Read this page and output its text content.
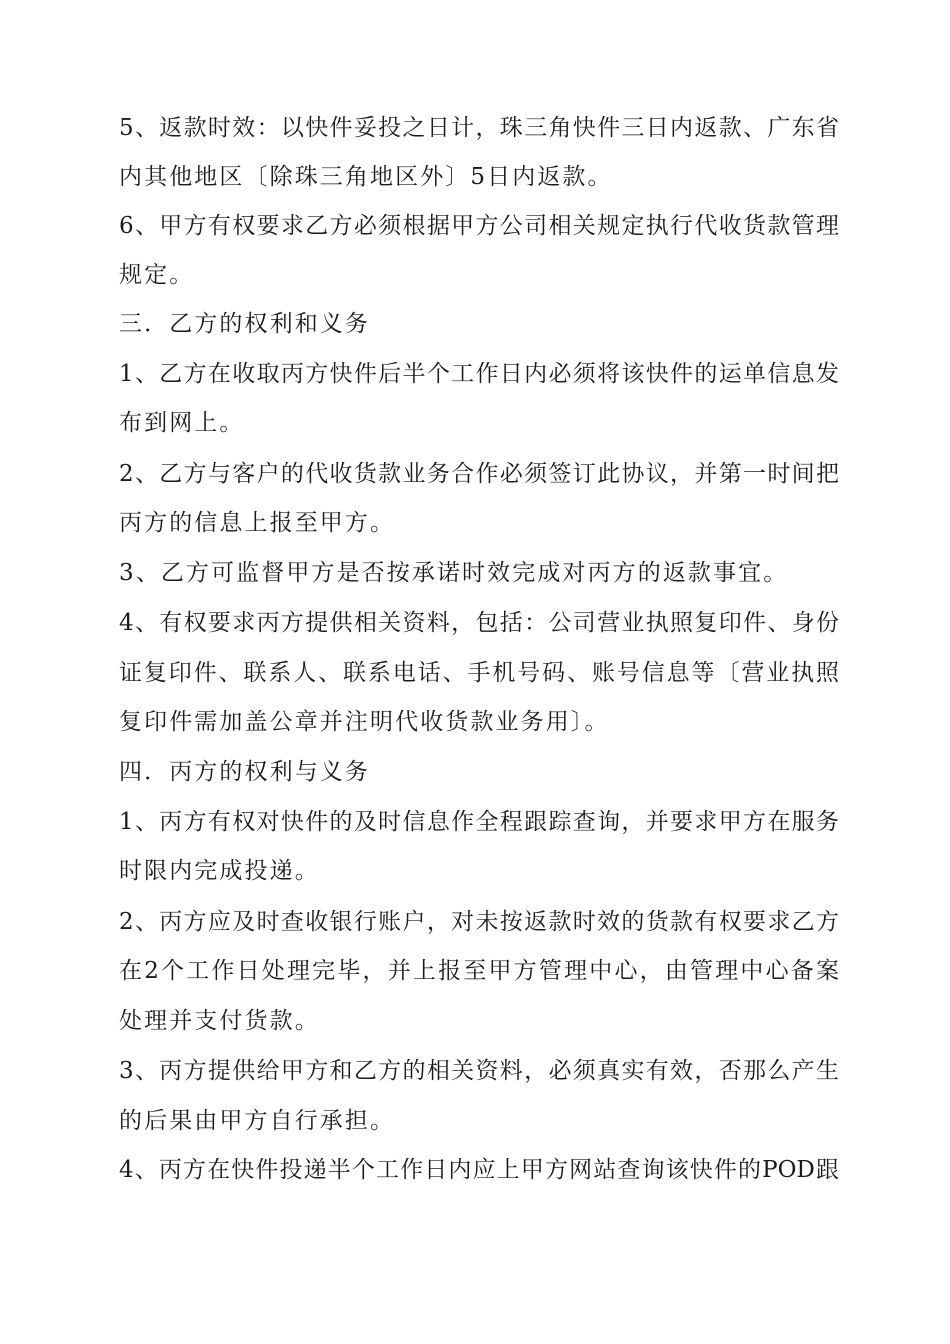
5、返款时效：以快件妥投之日计，珠三角快件三日内返款、广东省
内其他地区〔除珠三角地区外〕5日内返款。
6、甲方有权要求乙方必须根据甲方公司相关规定执行代收货款管理
规定。
三．乙方的权利和义务
1、乙方在收取丙方快件后半个工作日内必须将该快件的运单信息发
布到网上。
2、乙方与客户的代收货款业务合作必须签订此协议，并第一时间把
丙方的信息上报至甲方。
3、乙方可监督甲方是否按承诺时效完成对丙方的返款事宜。
4、有权要求丙方提供相关资料，包括：公司营业执照复印件、身份
证复印件、联系人、联系电话、手机号码、账号信息等〔营业执照
复印件需加盖公章并注明代收货款业务用〕。
四．丙方的权利与义务
1、丙方有权对快件的及时信息作全程跟踪查询，并要求甲方在服务
时限内完成投递。
2、丙方应及时查收银行账户，对未按返款时效的货款有权要求乙方
在2个工作日处理完毕，并上报至甲方管理中心，由管理中心备案
处理并支付货款。
3、丙方提供给甲方和乙方的相关资料，必须真实有效，否那么产生
的后果由甲方自行承担。
4、丙方在快件投递半个工作日内应上甲方网站查询该快件的POD跟
